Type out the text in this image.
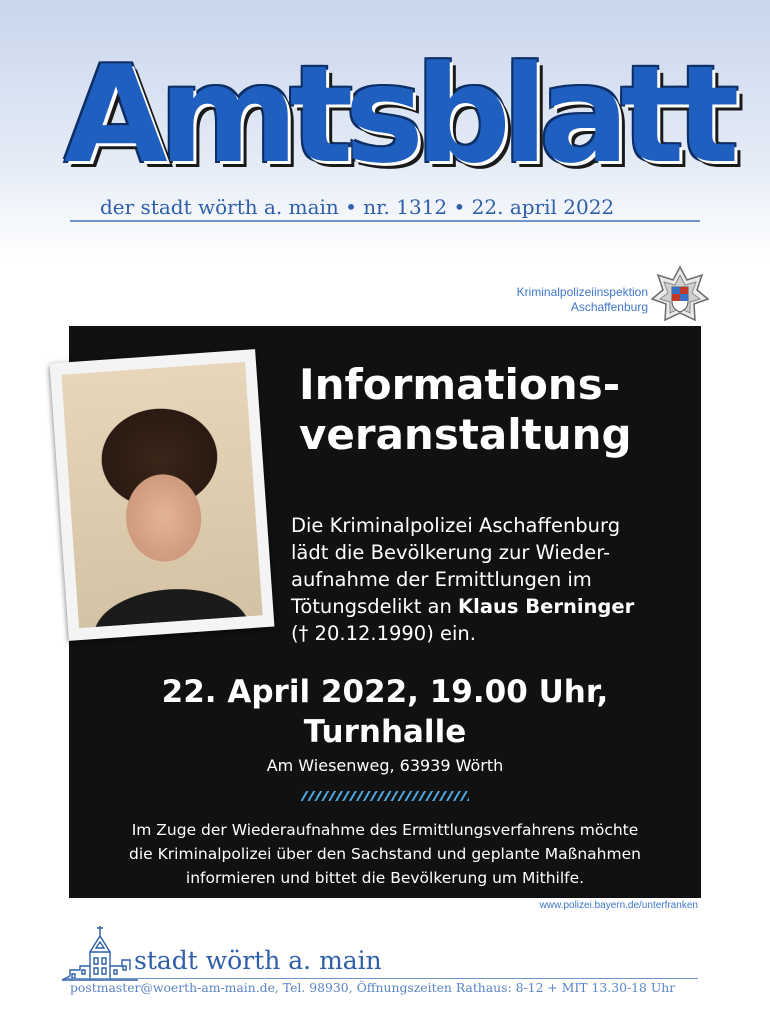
Amtsblatt
der stadt wörth a. main • nr. 1312 • 22. april 2022
Kriminalpolizeiinspektion
Aschaffenburg
Informations-
veranstaltung
Die Kriminalpolizei Aschaffenburg
lädt die Bevölkerung zur Wieder-
aufnahme der Ermittlungen im
Tötungsdelikt an Klaus Berninger
(† 20.12.1990) ein.
22. April 2022, 19.00 Uhr,
Turnhalle
Am Wiesenweg, 63939 Wörth
Im Zuge der Wiederaufnahme des Ermittlungsverfahrens möchte
die Kriminalpolizei über den Sachstand und geplante Maßnahmen
informieren und bittet die Bevölkerung um Mithilfe.
www.polizei.bayern.de/unterfranken
stadt wörth a. main
postmaster@woerth-am-main.de, Tel. 98930, Öffnungszeiten Rathaus: 8-12 + MIT 13.30-18 Uhr
